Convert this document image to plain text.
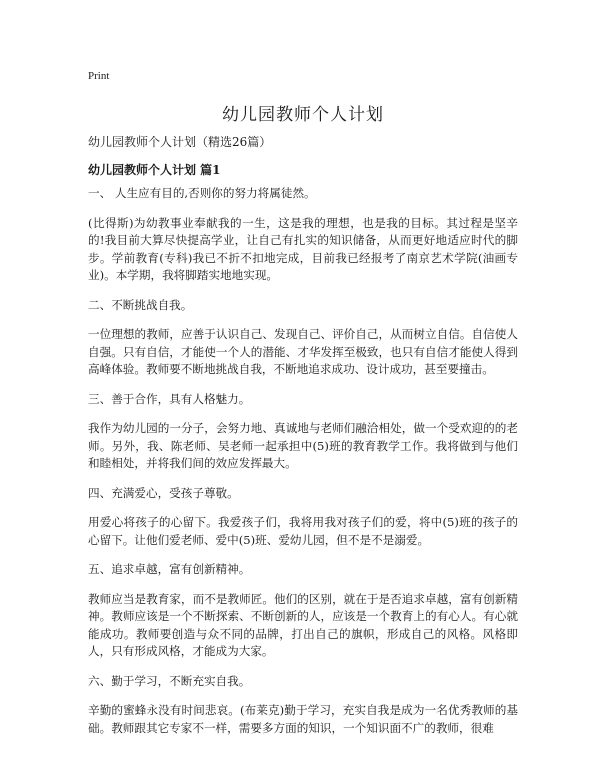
Print
幼儿园教师个人计划
幼儿园教师个人计划（精选26篇）
幼儿园教师个人计划 篇1

一、 人生应有目的,否则你的努力将属徒然。

(比得斯)为幼教事业奉献我的一生，这是我的理想，也是我的目标。其过程是坚辛的!我目前大算尽快提高学业，让自己有扎实的知识储备，从而更好地适应时代的脚步。学前教育(专科)我已不折不扣地完成，目前我已经报考了南京艺术学院(油画专业)。本学期，我将脚踏实地地实现。

二、不断挑战自我。

一位理想的教师，应善于认识自己、发现自己、评价自己，从而树立自信。自信使人自强。只有自信，才能使一个人的潜能、才华发挥至极致，也只有自信才能使人得到高峰体验。教师要不断地挑战自我，不断地追求成功、设计成功，甚至要撞击。

三、善于合作，具有人格魅力。

我作为幼儿园的一分子，会努力地、真诚地与老师们融洽相处，做一个受欢迎的的老师。另外，我、陈老师、吴老师一起承担中(5)班的教育教学工作。我将做到与他们和睦相处，并将我们间的效应发挥最大。

四、充满爱心，受孩子尊敬。

用爱心将孩子的心留下。我爱孩子们，我将用我对孩子们的爱，将中(5)班的孩子的心留下。让他们爱老师、爱中(5)班、爱幼儿园，但不是不是溺爱。

五、追求卓越，富有创新精神。

教师应当是教育家，而不是教师匠。他们的区别，就在于是否追求卓越，富有创新精神。教师应该是一个不断探索、不断创新的人，应该是一个教育上的有心人。有心就能成功。教师要创造与众不同的品牌，打出自己的旗帜，形成自己的风格。风格即人，只有形成风格，才能成为大家。

六、勤于学习，不断充实自我。

辛勤的蜜蜂永没有时间悲哀。(布莱克)勤于学习，充实自我是成为一名优秀教师的基础。教师跟其它专家不一样，需要多方面的知识，一个知识面不广的教师，很难
